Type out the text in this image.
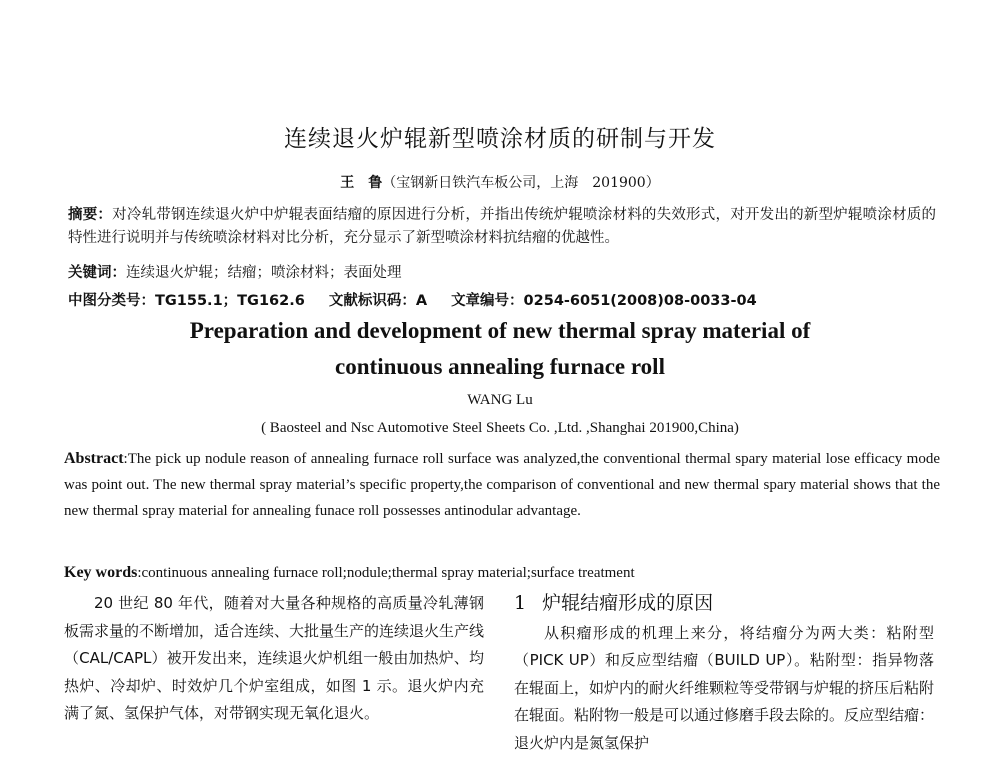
连续退火炉辊新型喷涂材质的研制与开发
王　鲁（宝钢新日铁汽车板公司，上海　201900）
摘要：对冷轧带钢连续退火炉中炉辊表面结瘤的原因进行分析，并指出传统炉辊喷涂材料的失效形式，对开发出的新型炉辊喷涂材质的特性进行说明并与传统喷涂材料对比分析，充分显示了新型喷涂材料抗结瘤的优越性。
关键词：连续退火炉辊；结瘤；喷涂材料；表面处理
中图分类号：TG155.1；TG162.6 文献标识码：A 文章编号：0254-6051(2008)08-0033-04
Preparation and development of new thermal spray material of
continuous annealing furnace roll
WANG Lu
( Baosteel and Nsc Automotive Steel Sheets Co. ,Ltd. ,Shanghai 201900,China)
Abstract:The pick up nodule reason of annealing furnace roll surface was analyzed,the conventional thermal spary material lose efficacy mode was point out. The new thermal spray material’s specific property,the comparison of conventional and new thermal spary material shows that the new thermal spray material for annealing funace roll possesses antinodular advantage.
Key words:continuous annealing furnace roll;nodule;thermal spray material;surface treatment
20 世纪 80 年代，随着对大量各种规格的高质量冷轧薄钢板需求量的不断增加，适合连续、大批量生产的连续退火生产线（CAL/CAPL）被开发出来，连续退火炉机组一般由加热炉、均热炉、冷却炉、时效炉几个炉室组成，如图 1 示。退火炉内充满了氮、氢保护气体，对带钢实现无氧化退火。
1 炉辊结瘤形成的原因

从积瘤形成的机理上来分，将结瘤分为两大类：粘附型（PICK UP）和反应型结瘤（BUILD UP）。粘附型：指异物落在辊面上，如炉内的耐火纤维颗粒等受带钢与炉辊的挤压后粘附在辊面。粘附物一般是可以通过修磨手段去除的。反应型结瘤：退火炉内是氮氢保护
